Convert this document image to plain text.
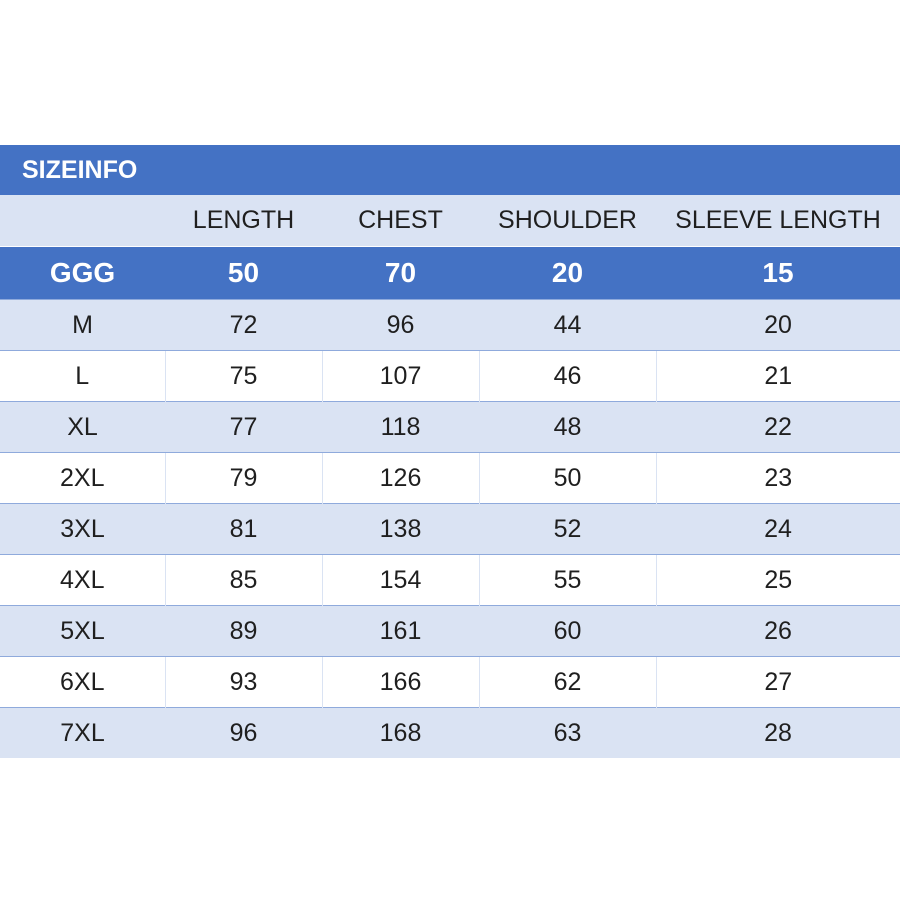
SIZEINFO
	LENGTH	CHEST	SHOULDER	SLEEVE LENGTH
GGG	50	70	20	15
M	72	96	44	20
L	75	107	46	21
XL	77	118	48	22
2XL	79	126	50	23
3XL	81	138	52	24
4XL	85	154	55	25
5XL	89	161	60	26
6XL	93	166	62	27
7XL	96	168	63	28
